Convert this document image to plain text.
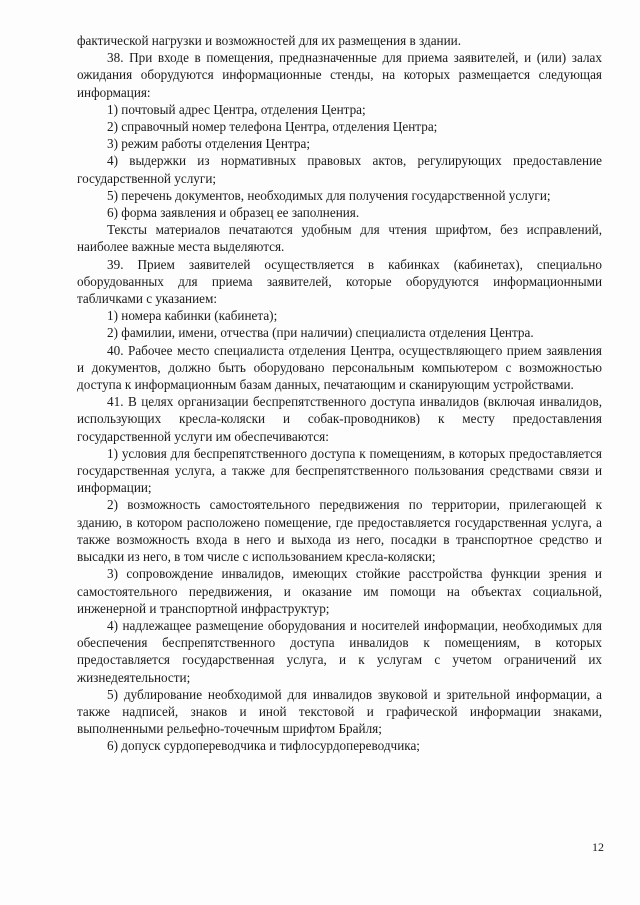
фактической нагрузки и возможностей для их размещения в здании.

38. При входе в помещения, предназначенные для приема заявителей, и (или) залах ожидания оборудуются информационные стенды, на которых размещается следующая информация:

1) почтовый адрес Центра, отделения Центра;

2) справочный номер телефона Центра, отделения Центра;

3) режим работы отделения Центра;

4) выдержки из нормативных правовых актов, регулирующих предоставление государственной услуги;

5) перечень документов, необходимых для получения государственной услуги;

6) форма заявления и образец ее заполнения.

Тексты материалов печатаются удобным для чтения шрифтом, без исправлений, наиболее важные места выделяются.

39. Прием заявителей осуществляется в кабинках (кабинетах), специально оборудованных для приема заявителей, которые оборудуются информационными табличками с указанием:

1) номера кабинки (кабинета);

2) фамилии, имени, отчества (при наличии) специалиста отделения Центра.

40. Рабочее место специалиста отделения Центра, осуществляющего прием заявления и документов, должно быть оборудовано персональным компьютером с возможностью доступа к информационным базам данных, печатающим и сканирующим устройствами.

41. В целях организации беспрепятственного доступа инвалидов (включая инвалидов, использующих кресла-коляски и собак-проводников) к месту предоставления государственной услуги им обеспечиваются:

1) условия для беспрепятственного доступа к помещениям, в которых предоставляется государственная услуга, а также для беспрепятственного пользования средствами связи и информации;

2) возможность самостоятельного передвижения по территории, прилегающей к зданию, в котором расположено помещение, где предоставляется государственная услуга, а также возможность входа в него и выхода из него, посадки в транспортное средство и высадки из него, в том числе с использованием кресла-коляски;

3) сопровождение инвалидов, имеющих стойкие расстройства функции зрения и самостоятельного передвижения, и оказание им помощи на объектах социальной, инженерной и транспортной инфраструктур;

4) надлежащее размещение оборудования и носителей информации, необходимых для обеспечения беспрепятственного доступа инвалидов к помещениям, в которых предоставляется государственная услуга, и к услугам с учетом ограничений их жизнедеятельности;

5) дублирование необходимой для инвалидов звуковой и зрительной информации, а также надписей, знаков и иной текстовой и графической информации знаками, выполненными рельефно-точечным шрифтом Брайля;

6) допуск сурдопереводчика и тифлосурдопереводчика;

12
